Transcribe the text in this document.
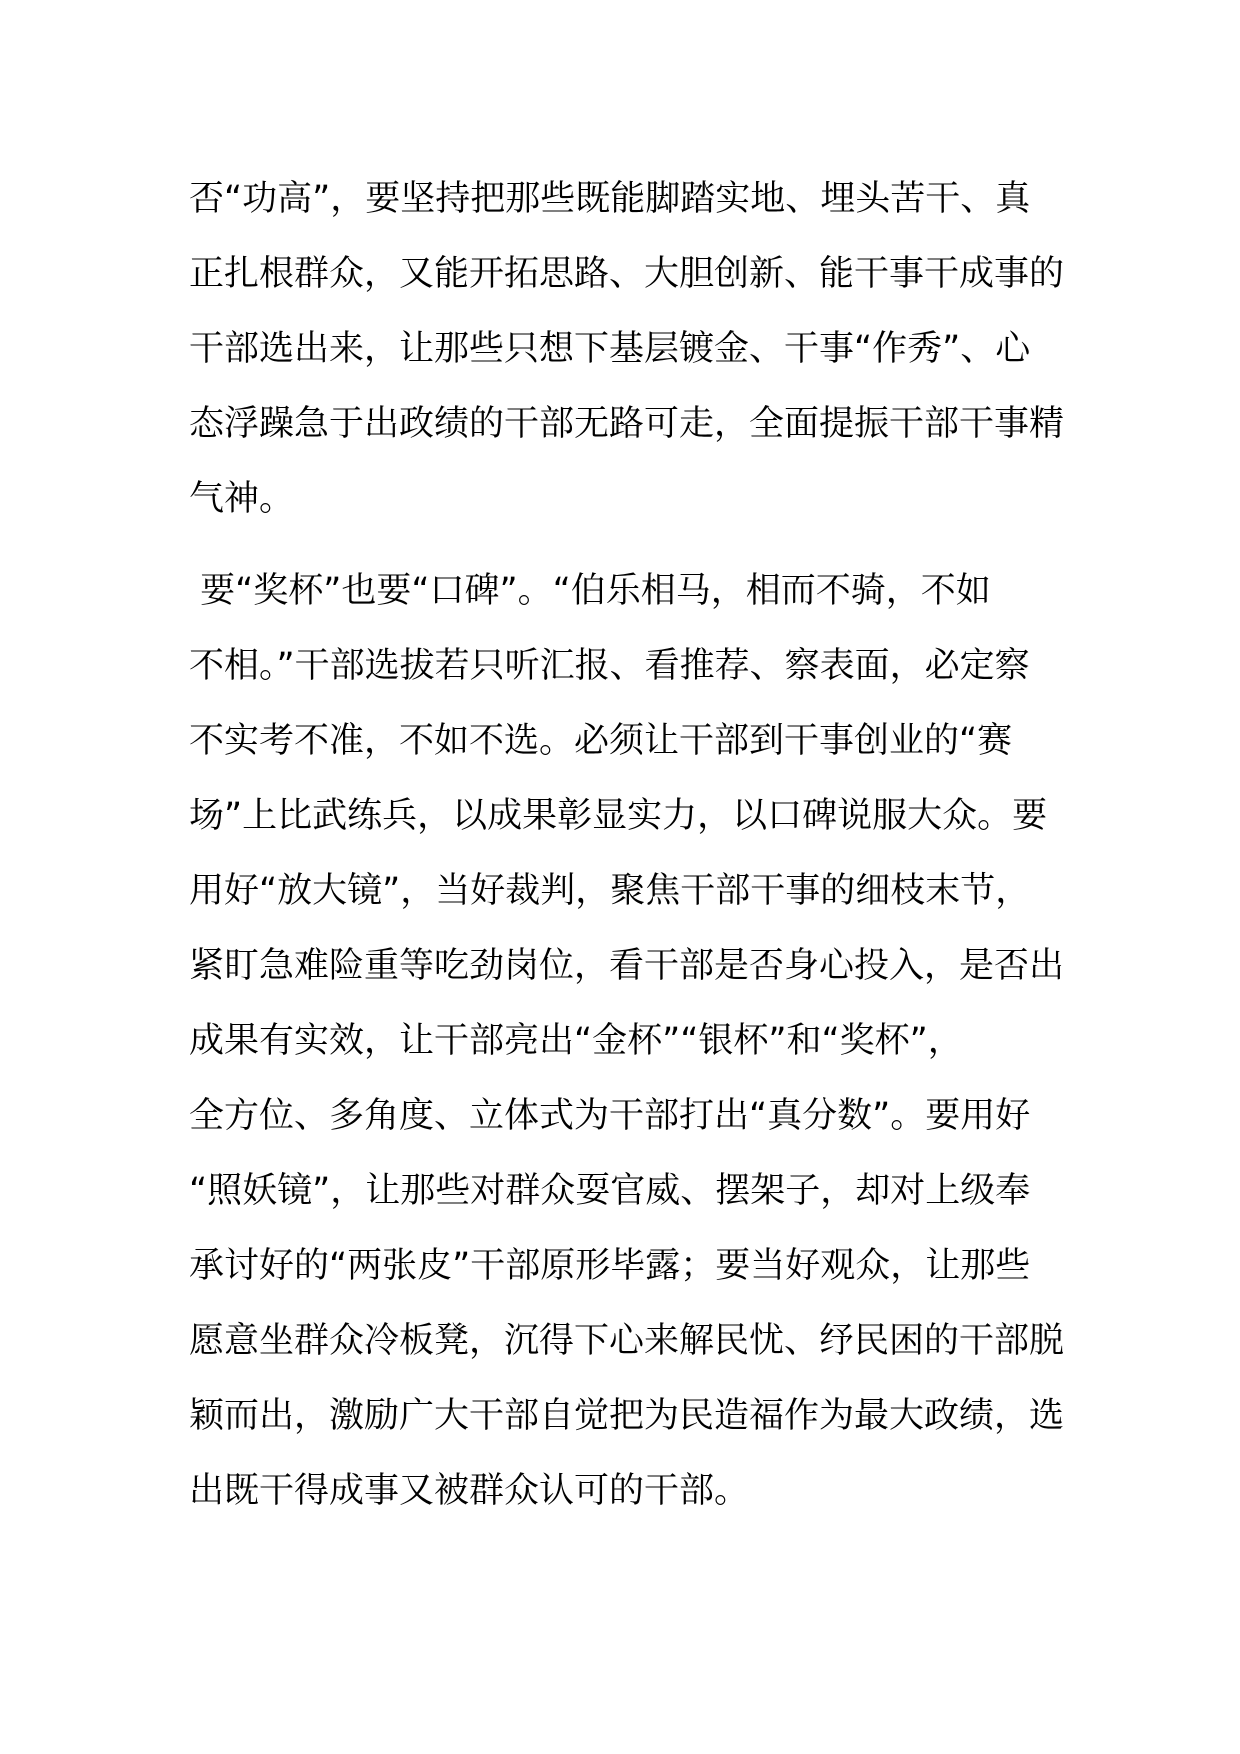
否“功高”，要坚持把那些既能脚踏实地、埋头苦干、真
正扎根群众，又能开拓思路、大胆创新、能干事干成事的
干部选出来，让那些只想下基层镀金、干事“作秀”、心
态浮躁急于出政绩的干部无路可走，全面提振干部干事精
气神。
要“奖杯”也要“口碑”。“伯乐相马，相而不骑，不如
不相。”干部选拔若只听汇报、看推荐、察表面，必定察
不实考不准，不如不选。必须让干部到干事创业的“赛
场”上比武练兵，以成果彰显实力，以口碑说服大众。要
用好“放大镜”，当好裁判，聚焦干部干事的细枝末节，
紧盯急难险重等吃劲岗位，看干部是否身心投入，是否出
成果有实效，让干部亮出“金杯”“银杯”和“奖杯”，
全方位、多角度、立体式为干部打出“真分数”。要用好
“照妖镜”，让那些对群众耍官威、摆架子，却对上级奉
承讨好的“两张皮”干部原形毕露；要当好观众，让那些
愿意坐群众冷板凳，沉得下心来解民忧、纾民困的干部脱
颖而出，激励广大干部自觉把为民造福作为最大政绩，选
出既干得成事又被群众认可的干部。
